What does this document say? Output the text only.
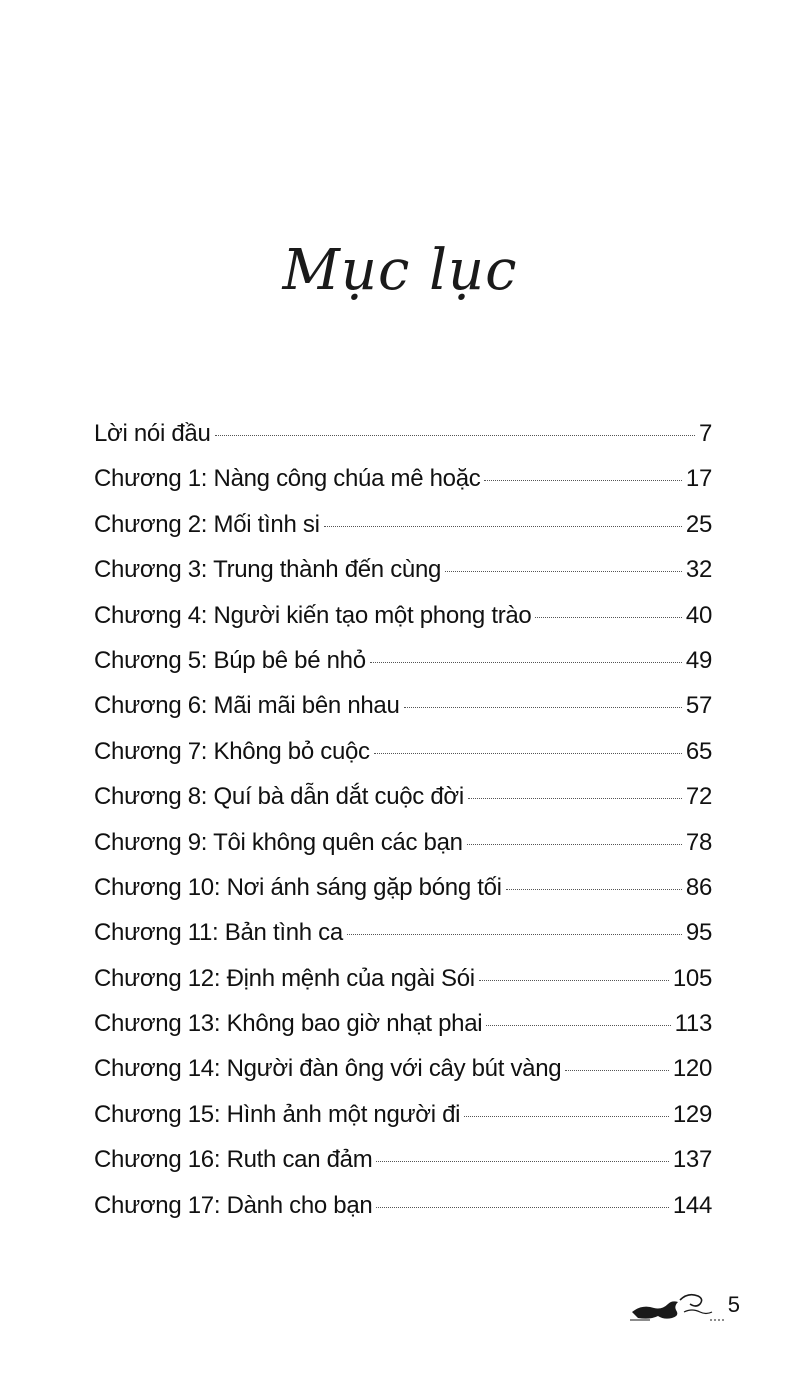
Mục lục
Lời nói đầu	7
Chương 1: Nàng công chúa mê hoặc	17
Chương 2: Mối tình si	25
Chương 3: Trung thành đến cùng	32
Chương 4: Người kiến tạo một phong trào	40
Chương 5: Búp bê bé nhỏ	49
Chương 6: Mãi mãi bên nhau	57
Chương 7: Không bỏ cuộc	65
Chương 8: Quí bà dẫn dắt cuộc đời	72
Chương 9: Tôi không quên các bạn	78
Chương 10: Nơi ánh sáng gặp bóng tối	86
Chương 11: Bản tình ca	95
Chương 12: Định mệnh của ngài Sói	105
Chương 13: Không bao giờ nhạt phai	113
Chương 14: Người đàn ông với cây bút vàng	120
Chương 15: Hình ảnh một người đi	129
Chương 16: Ruth can đảm	137
Chương 17: Dành cho bạn	144
5
